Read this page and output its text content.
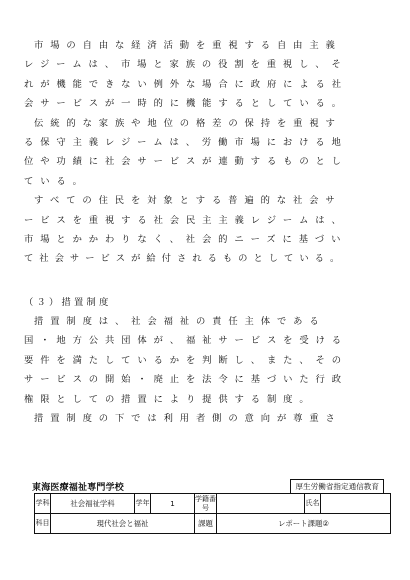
市場の自由な経済活動を重視する自由主義
レジームは、市場と家族の役割を重視し、そ
れが機能できない例外な場合に政府による社
会サービスが一時的に機能するとしている。
伝統的な家族や地位の格差の保持を重視す
る保守主義レジームは、労働市場における地
位や功績に社会サービスが連動するものとし
ている。
すべての住民を対象とする普遍的な社会サ
ービスを重視する社会民主主義レジームは、
市場とかかわりなく、社会的ニーズに基づい
て社会サービスが給付されるものとしている。
（３）措置制度
措置制度は、社会福祉の責任主体である
国・地方公共団体が、福祉サービスを受ける
要件を満たしているかを判断し、また、その
サービスの開始・廃止を法令に基づいた行政
権限としての措置により提供する制度。
措置制度の下では利用者側の意向が尊重さ
東海医療福祉専門学校	厚生労働省指定通信教育
学科	社会福祉学科	学年	1	学籍番号		氏名	
科目	現代社会と福祉			課題	レポート課題②		
